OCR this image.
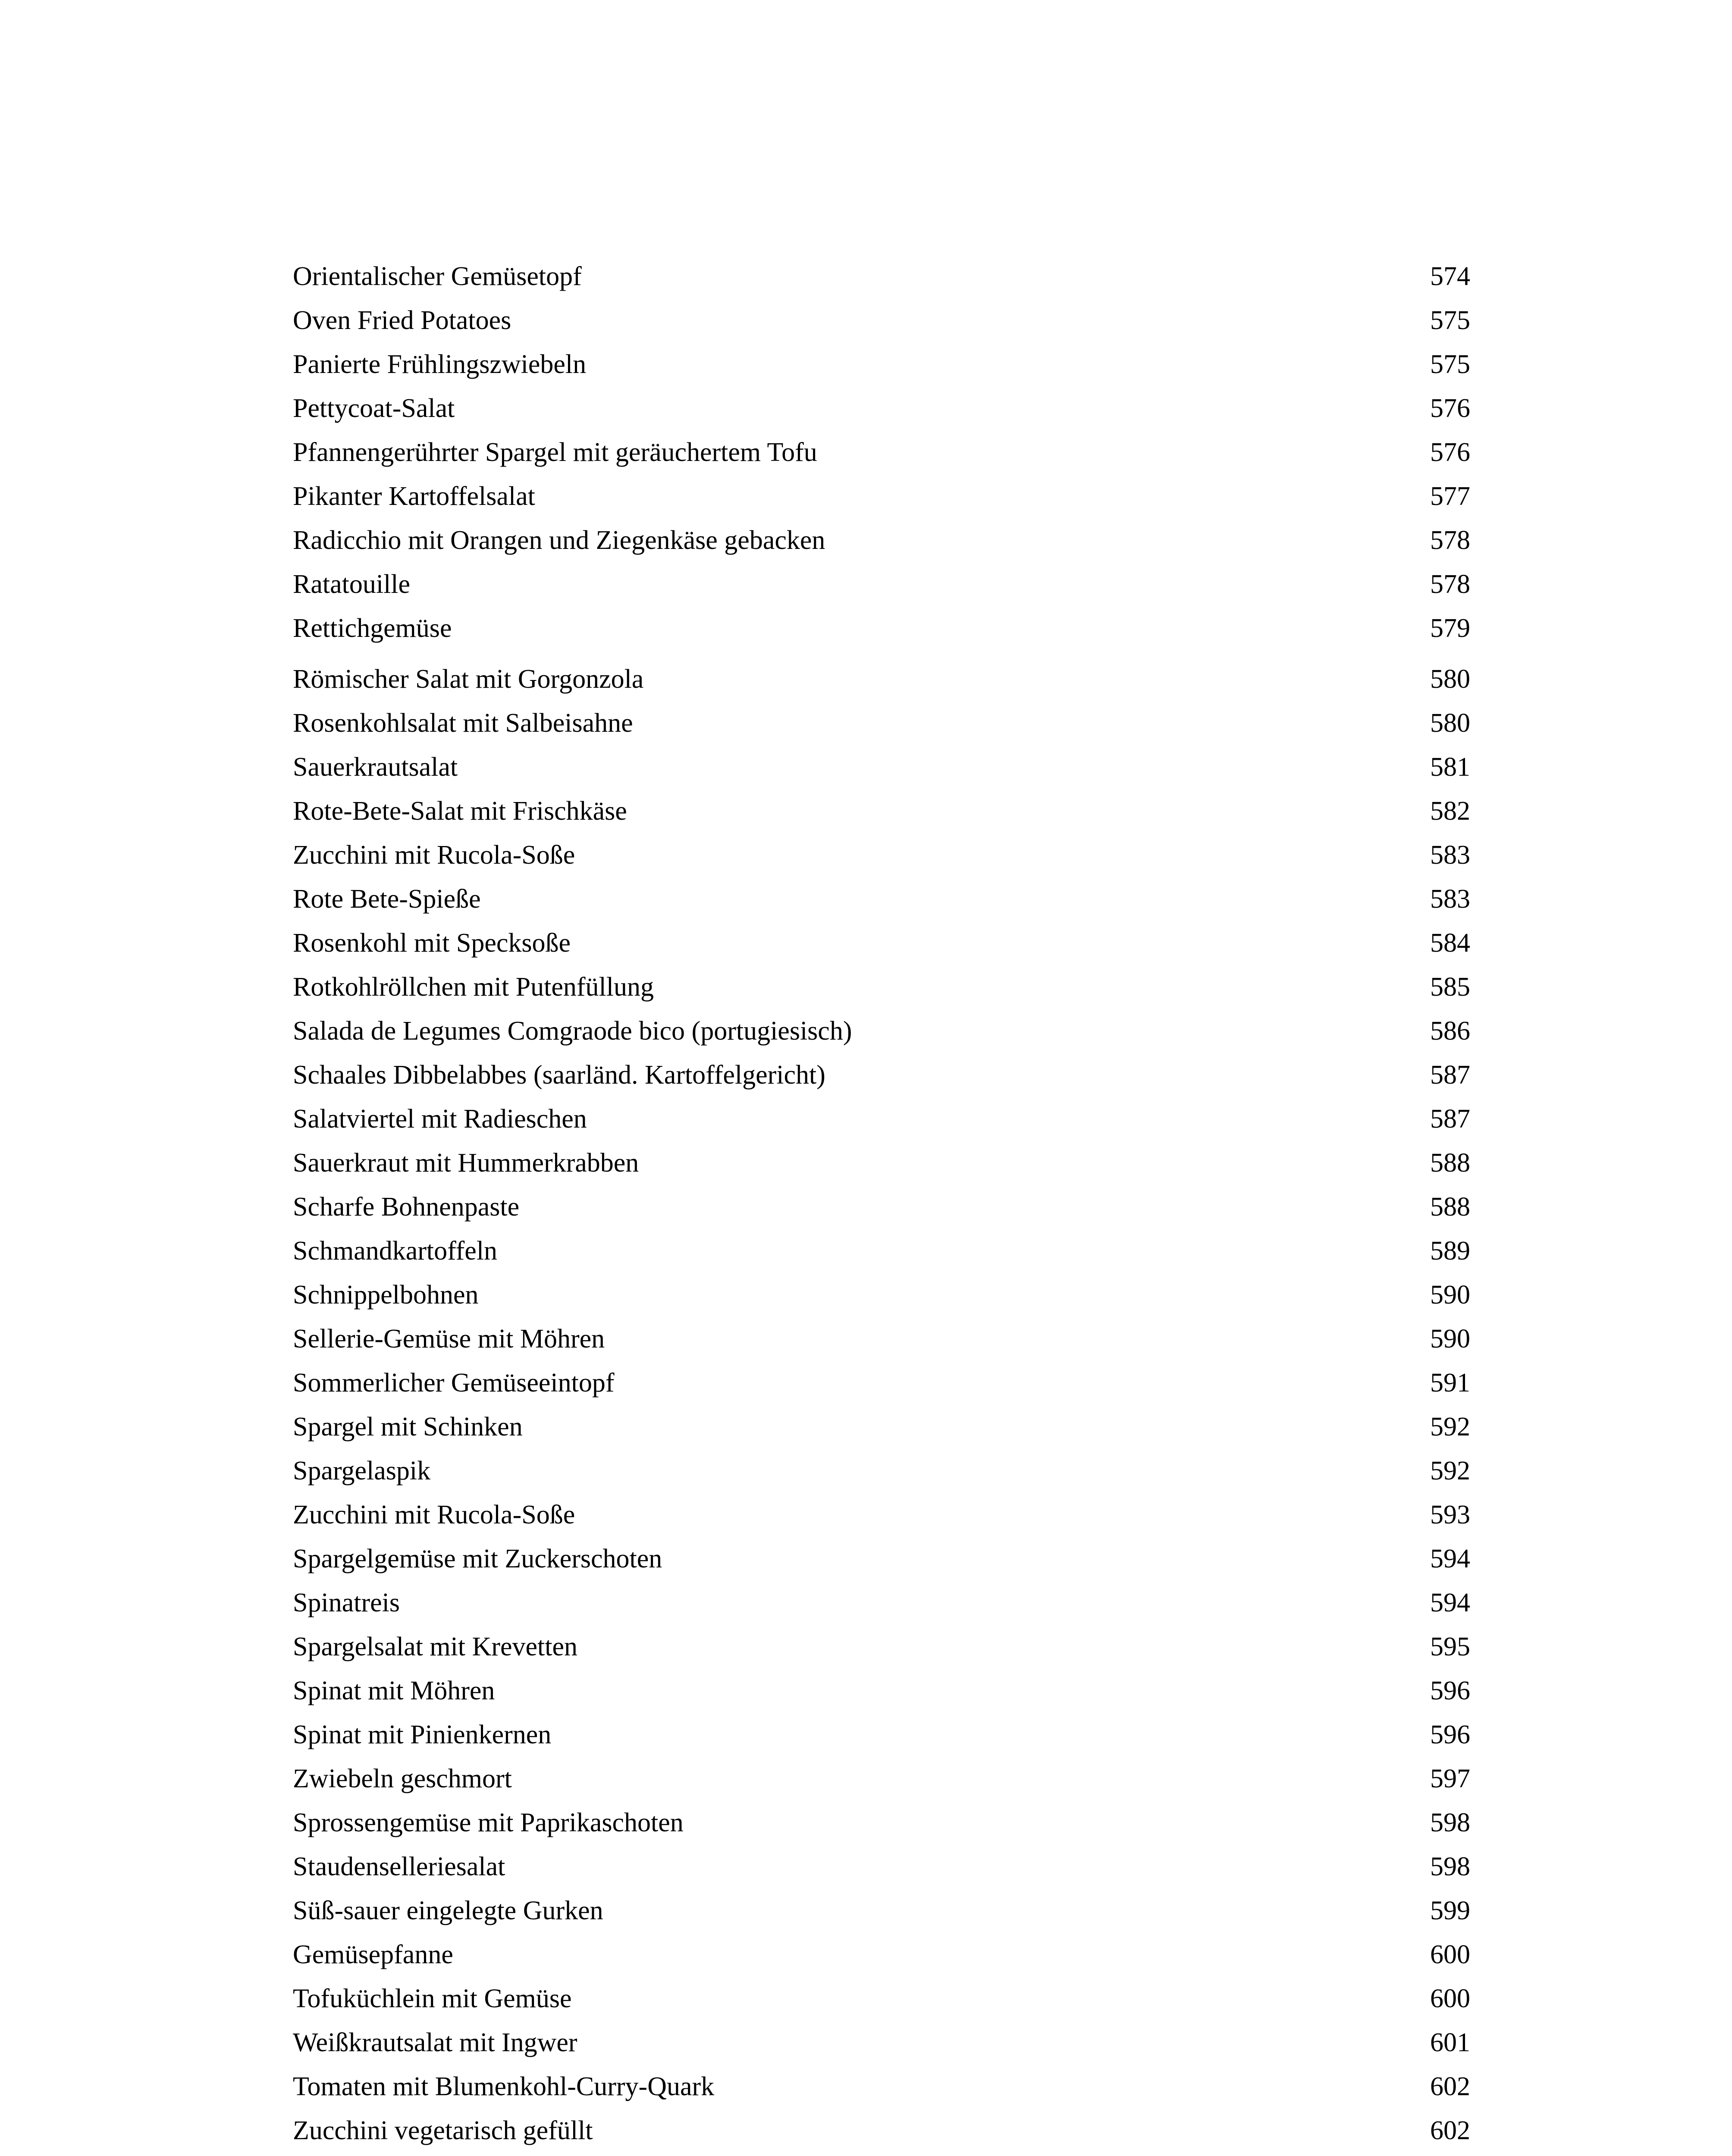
Orientalischer Gemüsetopf	574
Oven Fried Potatoes	575
Panierte Frühlingszwiebeln	575
Pettycoat-Salat	576
Pfannengerührter Spargel mit geräuchertem Tofu	576
Pikanter Kartoffelsalat	577
Radicchio mit Orangen und Ziegenkäse gebacken	578
Ratatouille	578
Rettichgemüse	579
Römischer Salat mit Gorgonzola	580
Rosenkohlsalat mit Salbeisahne	580
Sauerkrautsalat	581
Rote-Bete-Salat mit Frischkäse	582
Zucchini mit Rucola-Soße	583
Rote Bete-Spieße	583
Rosenkohl mit Specksoße	584
Rotkohlröllchen mit Putenfüllung	585
Salada de Legumes Comgraode bico (portugiesisch)	586
Schaales Dibbelabbes (saarländ. Kartoffelgericht)	587
Salatviertel mit Radieschen	587
Sauerkraut mit Hummerkrabben	588
Scharfe Bohnenpaste	588
Schmandkartoffeln	589
Schnippelbohnen	590
Sellerie-Gemüse mit Möhren	590
Sommerlicher Gemüseeintopf	591
Spargel mit Schinken	592
Spargelaspik	592
Zucchini mit Rucola-Soße	593
Spargelgemüse mit Zuckerschoten	594
Spinatreis	594
Spargelsalat mit Krevetten	595
Spinat mit Möhren	596
Spinat mit Pinienkernen	596
Zwiebeln geschmort	597
Sprossengemüse mit Paprikaschoten	598
Staudenselleriesalat	598
Süß-sauer eingelegte Gurken	599
Gemüsepfanne	600
Tofuküchlein mit Gemüse	600
Weißkrautsalat mit Ingwer	601
Tomaten mit Blumenkohl-Curry-Quark	602
Zucchini vegetarisch gefüllt	602
